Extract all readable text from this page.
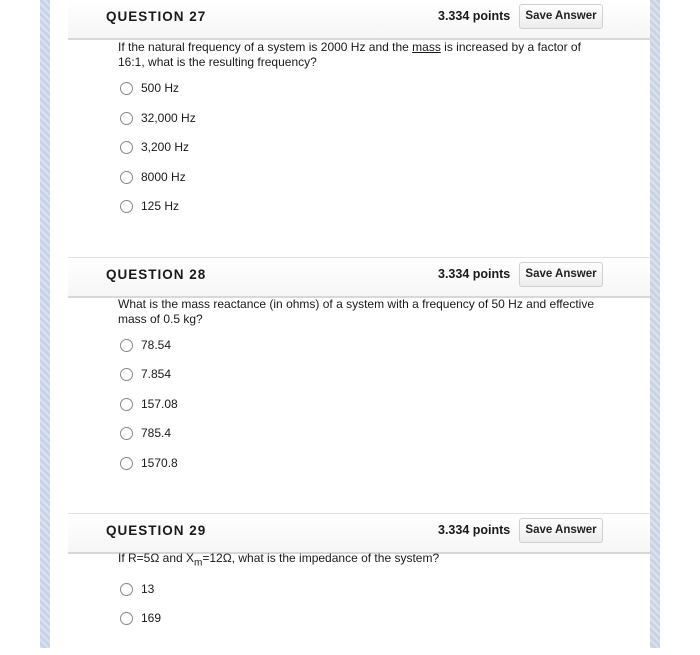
QUESTION 27	3.334 points	Save Answer
If the natural frequency of a system is 2000 Hz and the mass is increased by a factor of 16:1, what is the resulting frequency?
500 Hz
32,000 Hz
3,200 Hz
8000 Hz
125 Hz
QUESTION 28	3.334 points	Save Answer
What is the mass reactance (in ohms) of a system with a frequency of 50 Hz and effective mass of 0.5 kg?
78.54
7.854
157.08
785.4
1570.8
QUESTION 29	3.334 points	Save Answer
If R=5Ω and $X_m=12\Omega$, what is the impedance of the system?
13
169
